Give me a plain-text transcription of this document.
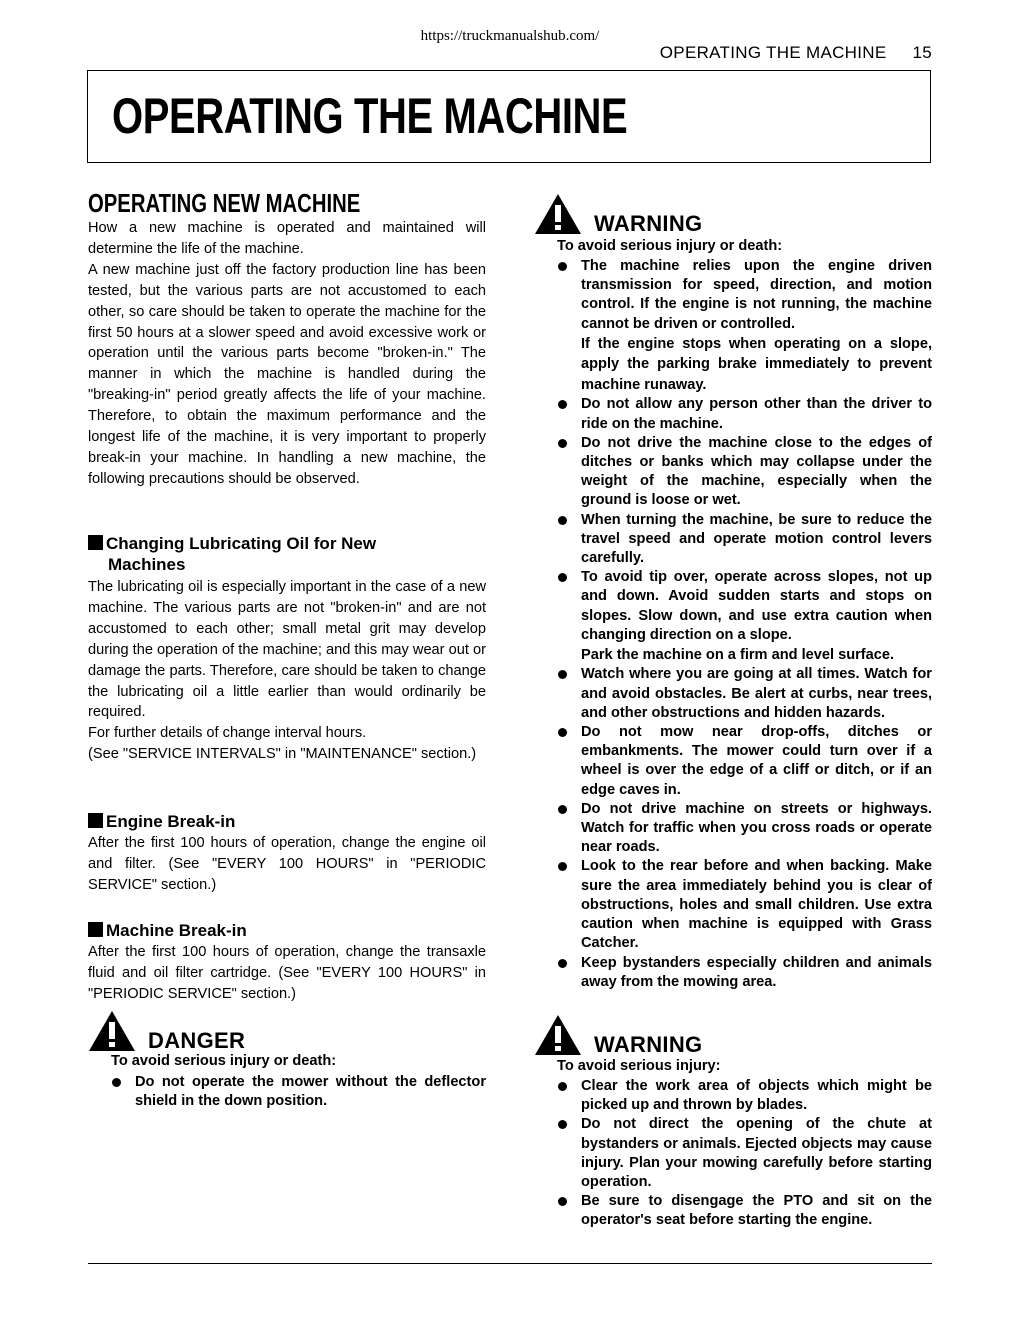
https://truckmanualshub.com/
OPERATING THE MACHINE 15
OPERATING THE MACHINE
OPERATING NEW MACHINE

How a new machine is operated and maintained will determine the life of the machine.

A new machine just off the factory production line has been tested, but the various parts are not accustomed to each other, so care should be taken to operate the machine for the first 50 hours at a slower speed and avoid excessive work or operation until the various parts become "broken-in." The manner in which the machine is handled during the "breaking-in" period greatly affects the life of your machine. Therefore, to obtain the maximum performance and the longest life of the machine, it is very important to properly break-in your machine. In handling a new machine, the following precautions should be observed.

Changing Lubricating Oil for New
Machines

The lubricating oil is especially important in the case of a new machine. The various parts are not "broken-in" and are not accustomed to each other; small metal grit may develop during the operation of the machine; and this may wear out or damage the parts. Therefore, care should be taken to change the lubricating oil a little earlier than would ordinarily be required.

For further details of change interval hours.

(See "SERVICE INTERVALS" in "MAINTENANCE" section.)

Engine Break-in

After the first 100 hours of operation, change the engine oil and filter. (See "EVERY 100 HOURS" in "PERIODIC SERVICE" section.)

Machine Break-in

After the first 100 hours of operation, change the transaxle fluid and oil filter cartridge. (See "EVERY 100 HOURS" in "PERIODIC SERVICE" section.)

DANGER

To avoid serious injury or death:

Do not operate the mower without the deflector shield in the down position.
WARNING

To avoid serious injury or death:

The machine relies upon the engine driven transmission for speed, direction, and motion control. If the engine is not running, the machine cannot be driven or controlled.
If the engine stops when operating on a slope, apply the parking brake immediately to prevent machine runaway.
Do not allow any person other than the driver to ride on the machine.
Do not drive the machine close to the edges of ditches or banks which may collapse under the weight of the machine, especially when the ground is loose or wet.
When turning the machine, be sure to reduce the travel speed and operate motion control levers carefully.
To avoid tip over, operate across slopes, not up and down. Avoid sudden starts and stops on slopes. Slow down, and use extra caution when changing direction on a slope.
Park the machine on a firm and level surface.
Watch where you are going at all times. Watch for and avoid obstacles. Be alert at curbs, near trees, and other obstructions and hidden hazards.
Do not mow near drop-offs, ditches or embankments. The mower could turn over if a wheel is over the edge of a cliff or ditch, or if an edge caves in.
Do not drive machine on streets or highways. Watch for traffic when you cross roads or operate near roads.
Look to the rear before and when backing. Make sure the area immediately behind you is clear of obstructions, holes and small children. Use extra caution when machine is equipped with Grass Catcher.
Keep bystanders especially children and animals away from the mowing area.
WARNING

To avoid serious injury:

Clear the work area of objects which might be picked up and thrown by blades.
Do not direct the opening of the chute at bystanders or animals. Ejected objects may cause injury. Plan your mowing carefully before starting operation.
Be sure to disengage the PTO and sit on the operator's seat before starting the engine.
